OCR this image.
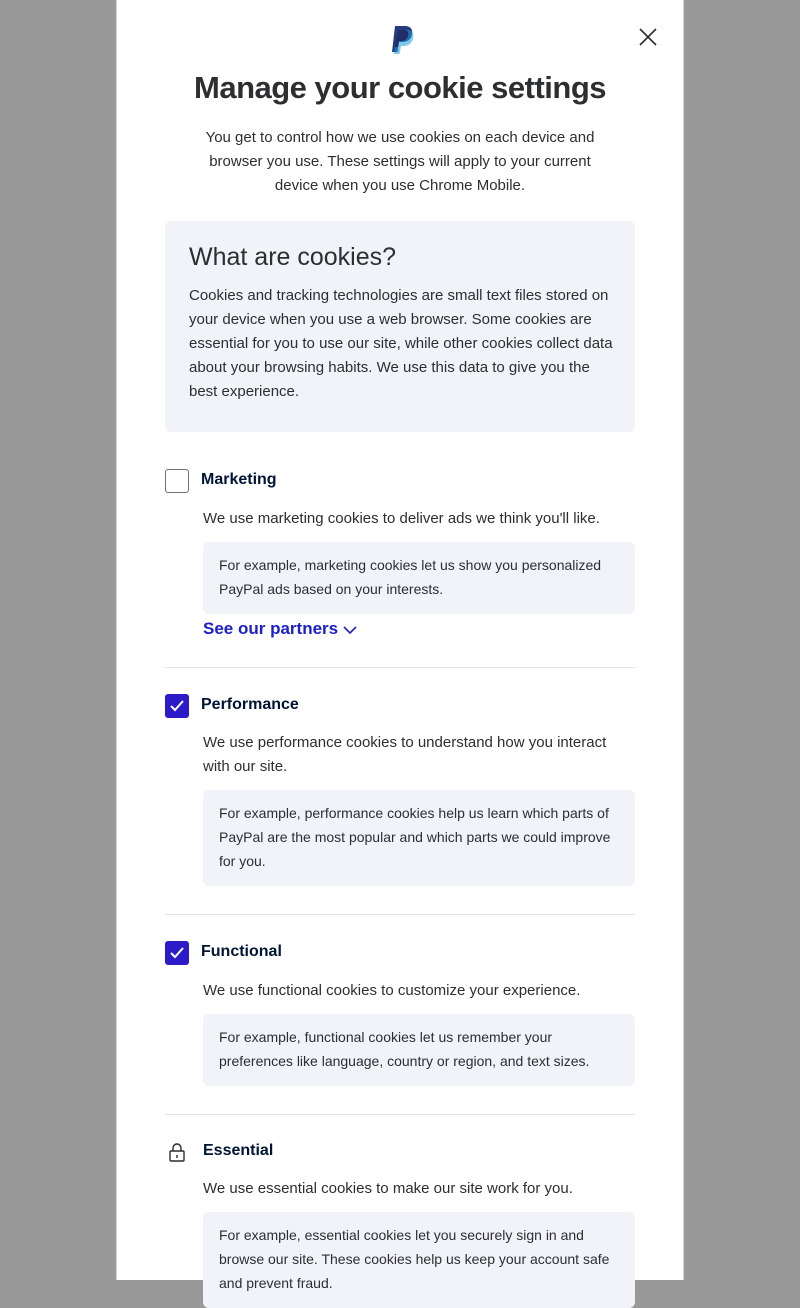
Manage your cookie settings
You get to control how we use cookies on each device and browser you use. These settings will apply to your current device when you use Chrome Mobile.
What are cookies?
Cookies and tracking technologies are small text files stored on your device when you use a web browser. Some cookies are essential for you to use our site, while other cookies collect data about your browsing habits. We use this data to give you the best experience.
Marketing
We use marketing cookies to deliver ads we think you'll like.
For example, marketing cookies let us show you personalized PayPal ads based on your interests.
See our partners
Performance
We use performance cookies to understand how you interact with our site.
For example, performance cookies help us learn which parts of PayPal are the most popular and which parts we could improve for you.
Functional
We use functional cookies to customize your experience.
For example, functional cookies let us remember your preferences like language, country or region, and text sizes.
Essential
We use essential cookies to make our site work for you.
For example, essential cookies let you securely sign in and browse our site. These cookies help us keep your account safe and prevent fraud.
